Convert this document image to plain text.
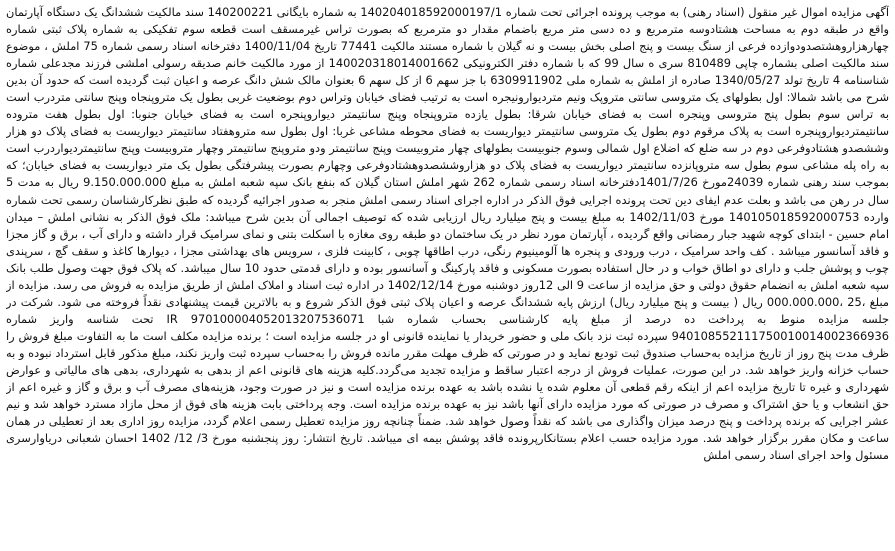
آگهی مزایده اموال غیر منقول (اسناد رهنی) به موجب پرونده اجرائی تحت شماره 140204018592000197/1 به شماره بایگانی 140200221 سند مالکیت ششدانگ یک دستگاه آپارتمان واقع در طبقه دوم به مساحت هشتادوسه مترمربع و ده دسی متر مربع باضمام مقدار دو مترمربع که بصورت تراس غیرمسقف است قطعه سوم تفکیکی به شماره پلاک ثبتی شماره چهارهزاروهشتصدودوازده فرعی از سنگ بیست و پنج اصلی بخش بیست و نه گیلان با شماره مستند مالکیت 77441 تاریخ 1400/11/04 دفترخانه اسناد رسمی شماره 75 املش ، موضوع سند مالکیت اصلی بشماره چاپی 810489 سری ه سال 99 که با شماره دفتر الکترونیکی 140020318014001662 از مورد مالکیت خانم صدیقه رسولی املشی فرزند مجدعلی شماره شناسنامه 4 تاریخ تولد 1340/05/27 صادره از املش به شماره ملی 6309911902 با جز سهم 6 از کل سهم 6 بعنوان مالک شش دانگ عرصه و اعیان ثبت گردیده است که حدود آن بدین شرح می باشد شمالا: اول بطولهای یک متروسی سانتی متروپک ونیم متردیوارونیجره است به ترتیب فضای خیابان وتراس دوم بوضعیت غربی بطول یک متروپنجاه وپنج سانتی متردرب است به تراس سوم بطول پنج متروسی وپنجره است به فضای خیابان شرقا: بطول یازده متروپنجاه وپنج سانتیمتر دیواروپنجره است به فضای خیابان جنوبا: اول بطول هفت متروده سانتیمتردیواروپنجره است به پلاک مرقوم دوم بطول یک متروسی سانتیمتر دیواریست به فضای محوطه مشاعی غربا: اول بطول سه متروهفتاد سانتیمتر دیواریست به فضای پلاک دو هزار وششصدو هشتادوفرعی دوم در سه ضلع که اضلاع اول شمالی وسوم جنوبیست بطولهای چهار متروبیست وپنج سانتیمتر ودو متروپنج سانتیمتر وچهار متروبیست وپنج سانتیمتردیواردرب است به راه پله مشاعی سوم بطول سه متروپانزده سانتیمتر دیواریست به فضای پلاک دو هزاروششصدوهشتادوفرعی وچهارم بصورت پیشرفتگی بطول یک متر دیواریست به فضای خیابان؛ که بموجب سند رهنی شماره 24039مورخ 1401/7/26دفترخانه اسناد رسمی شماره 262 شهر املش استان گیلان که بنفع بانک سپه شعبه املش به مبلغ 9.150.000.000 ریال به مدت 5 سال در رهن می باشد و بعلت عدم ایفای دین تحت پرونده اجرایی فوق الذکر در اداره اجرای اسناد رسمی املش منجر به صدور اجرائیه گردیده که طبق نظرکارشناسان رسمی تحت شماره وارده 140105018592000753 مورخ 1402/11/03 به مبلغ بیست و پنج میلیارد ریال ارزیابی شده که توصیف اجمالی آن بدین شرح میباشد: ملک فوق الذکر به نشانی املش – میدان امام حسین - ابتدای کوچه شهید جبار رمضانی واقع گردیده ، آپارتمان مورد نظر در یک ساختمان دو طبقه روی مغازه با اسکلت بتنی و نمای سرامیک قرار داشته و دارای آب ، برق و گاز مجزا و فاقد آسانسور میباشد . کف واحد سرامیک ، درب ورودی و پنجره ها آلومینیوم رنگی، درب اطاقها چوبی ، کابینت فلزی ، سرویس های بهداشتی مجزا ، دیوارها کاغذ و سقف گچ ، سرپندی چوب و پوشش جلب و دارای دو اطاق خواب و در حال استفاده بصورت مسکونی و فاقد پارکینگ و آسانسور بوده و دارای قدمتی حدود 10 سال میباشد. که پلاک فوق جهت وصول طلب بانک سپه شعبه املش به انضمام حقوق دولتی و حق مزایده از ساعت 9 الی 12روز دوشنبه مورخ 1402/12/14 در اداره ثبت اسناد و املاک املش از طریق مزایده به فروش می رسد. مزایده از مبلغ ،25 ،000.000.000 ریال ( بیست و پنج میلیارد ریال) ارزش پایه ششدانگ عرصه و اعیان پلاک ثبتی فوق الذکر شروع و به بالاترین قیمت پیشنهادی نقداً فروخته می شود. شرکت در جلسه مزایده منوط به پرداخت ده درصد از مبلغ پایه کارشناسی بحساب شماره شبا IR 970100004052013207536071 تحت شناسه واریز شماره 940108552111750010014002366936 سپرده ثبت نزد بانک ملی و حضور خریدار یا نماینده قانونی او در جلسه مزایده است ؛ برنده مزایده مکلف است ما به التفاوت مبلغ فروش را ظرف مدت پنج روز از تاریخ مزایده به‌حساب صندوق ثبت تودیع نماید و در صورتی که ظرف مهلت مقرر مانده فروش را به‌حساب سپرده ثبت واریز نکند، مبلغ مذکور قابل استرداد نبوده و به حساب خزانه واریز خواهد شد. در این صورت، عملیات فروش از درجه اعتبار ساقط و مزایده تجدید می‌گردد.کلیه هزینه های قانونی اعم از بدهی به شهرداری، بدهی های مالیاتی و عوارض شهرداری و غیره تا تاریخ مزایده اعم از اینکه رقم قطعی آن معلوم شده یا نشده باشد به عهده برنده مزایده است و نیز در صورت وجود، هزینه‌های مصرف آب و برق و گاز و غیره اعم از حق انشعاب و یا حق اشتراک و مصرف در صورتی که مورد مزایده دارای آنها باشد نیز به عهده برنده مزایده است. وجه پرداختی بابت هزینه های فوق از محل مازاد مسترد خواهد شد و نیم عشر اجرایی که برنده پرداخت و پنج درصد میزان واگذاری می باشد که نقداً وصول خواهد شد. ضمناً چنانچه روز مزایده تعطیل رسمی اعلام گردد، مزایده روز اداری بعد از تعطیلی در همان ساعت و مکان مقرر برگزار خواهد شد. مورد مزایده حسب اعلام بستانکارپرونده فاقد پوشش بیمه ای میباشد. تاریخ انتشار: روز پنجشنبه مورخ 3/ 12/ 1402 احسان شعبانی دریاوارسری مسئول واحد اجرای اسناد رسمی املش
